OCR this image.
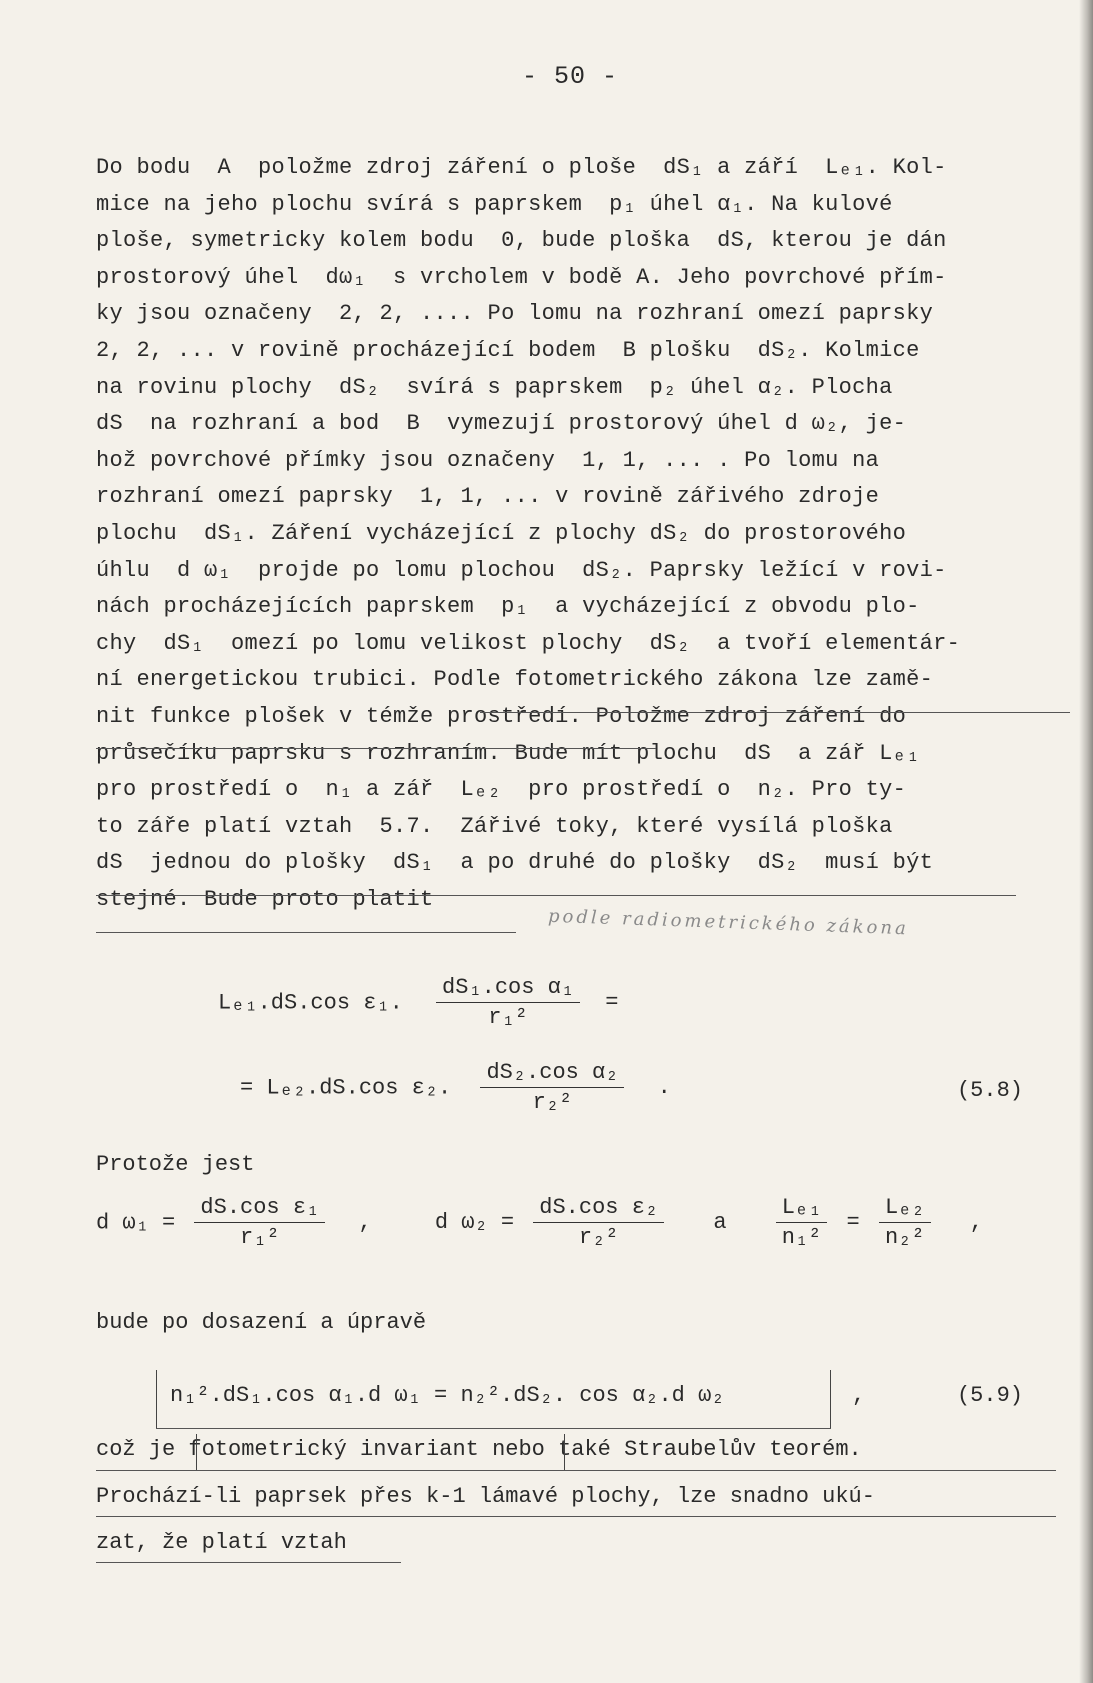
- 50 -
Do bodu  A  položme zdroj záření o ploše  dS₁ a září  Lₑ₁. Kol-
mice na jeho plochu svírá s paprskem  p₁ úhel α₁. Na kulové
ploše, symetricky kolem bodu  0, bude ploška  dS, kterou je dán
prostorový úhel  dω₁  s vrcholem v bodě A. Jeho povrchové přím-
ky jsou označeny  2, 2, .... Po lomu na rozhraní omezí paprsky
2, 2, ... v rovině procházející bodem  B plošku  dS₂. Kolmice
na rovinu plochy  dS₂  svírá s paprskem  p₂ úhel α₂. Plocha
dS  na rozhraní a bod  B  vymezují prostorový úhel d ω₂, je-
hož povrchové přímky jsou označeny  1, 1, ... . Po lomu na
rozhraní omezí paprsky  1, 1, ... v rovině zářivého zdroje
plochu  dS₁. Záření vycházející z plochy dS₂ do prostorového
úhlu  d ω₁  projde po lomu plochou  dS₂. Paprsky ležící v rovi-
nách procházejících paprskem  p₁  a vycházející z obvodu plo-
chy  dS₁  omezí po lomu velikost plochy  dS₂  a tvoří elementár-
ní energetickou trubici. Podle fotometrického zákona lze zamě-
nit funkce plošek v témže prostředí. Položme zdroj záření do
průsečíku paprsku s rozhraním. Bude mít plochu  dS  a zář Lₑ₁
pro prostředí o  n₁ a zář  Lₑ₂  pro prostředí o  n₂. Pro ty-
to záře platí vztah  5.7.  Zářivé toky, které vysílá ploška
dS  jednou do plošky  dS₁  a po druhé do plošky  dS₂  musí být
stejné. Bude proto platit
podle radiometrického zákona
Lₑ₁.dS.cos ε₁. $\frac{\text{dS₁.cos α₁}}{\text{r₁²}}$ =
= Lₑ₂.dS.cos ε₂. $\frac{\text{dS₂.cos α₂}}{\text{r₂²}}$ .	(5.8)
Protože jest
d $\omega_1 = \frac{\text{dS.cos ε₁}}{\text{r₁²}}$ ,	d $\omega_2 = \frac{\text{dS.cos ε₂}}{\text{r₂²}}$ a $\frac{\text{Lₑ₁}}{\text{n₁²}} = \frac{\text{Lₑ₂}}{\text{n₂²}}$ ,
bude po dosazení a úpravě
n₁².dS₁.cos α₁.d ω₁ = n₂².dS₂. cos α₂.d ω₂	,	(5.9)
což je fotometrický invariant nebo také Straubelův teorém.
Prochází-li paprsek přes k-1 lámavé plochy, lze snadno ukú-
zat, že platí vztah
